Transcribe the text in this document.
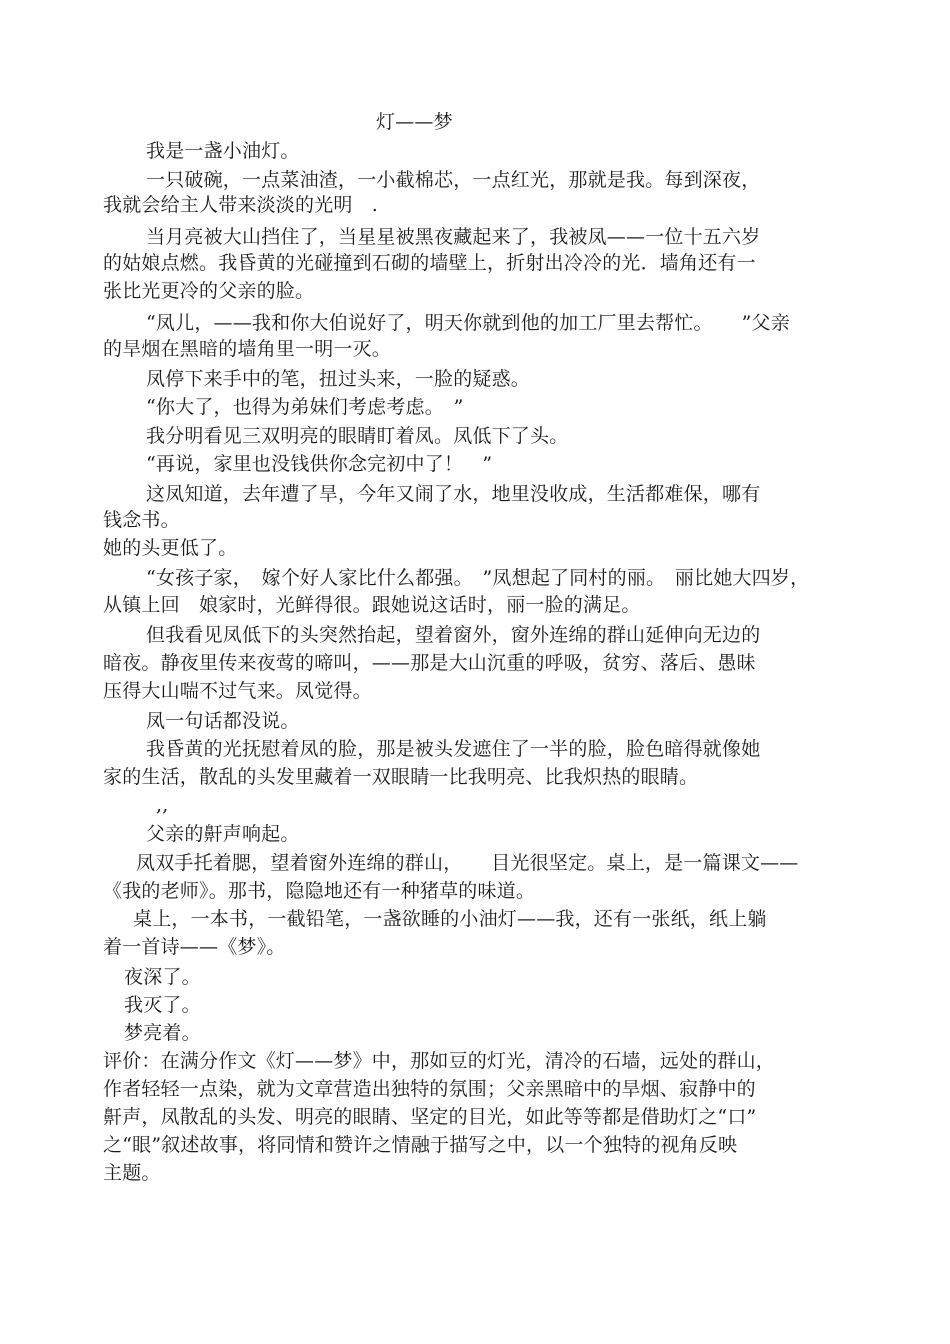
灯——梦
我是一盏小油灯。
一只破碗，一点菜油渣，一小截棉芯，一点红光，那就是我。每到深夜，
我就会给主人带来淡淡的光明　.
当月亮被大山挡住了，当星星被黑夜藏起来了，我被凤——一位十五六岁
的姑娘点燃。我昏黄的光碰撞到石砌的墙壁上，折射出冷冷的光．墙角还有一
张比光更冷的父亲的脸。
“凤儿，——我和你大伯说好了，明天你就到他的加工厂里去帮忙。　　”父亲
的旱烟在黑暗的墙角里一明一灭。
凤停下来手中的笔，扭过头来，一脸的疑惑。
“你大了，也得为弟妹们考虑考虑。　”
我分明看见三双明亮的眼睛盯着凤。凤低下了头。
“再说，家里也没钱供你念完初中了！　”
这凤知道，去年遭了旱，今年又闹了水，地里没收成，生活都难保，哪有
钱念书。
她的头更低了。
“女孩子家，　嫁个好人家比什么都强。　”凤想起了同村的丽。　丽比她大四岁，
从镇上回　娘家时，光鲜得很。跟她说这话时，丽一脸的满足。
但我看见凤低下的头突然抬起，望着窗外，窗外连绵的群山延伸向无边的
暗夜。静夜里传来夜莺的啼叫，——那是大山沉重的呼吸，贫穷、落后、愚昧
压得大山喘不过气来。凤觉得。
凤一句话都没说。
我昏黄的光抚慰着凤的脸，那是被头发遮住了一半的脸，脸色暗得就像她
家的生活，散乱的头发里藏着一双眼睛一比我明亮、比我炽热的眼睛。
,,
父亲的鼾声响起。
凤双手托着腮，望着窗外连绵的群山，　　目光很坚定。桌上，是一篇课文——
《我的老师》。那书，隐隐地还有一种猪草的味道。
桌上，一本书，一截铅笔，一盏欲睡的小油灯——我，还有一张纸，纸上躺
着一首诗——《梦》。
夜深了。
我灭了。
梦亮着。
评价：在满分作文《灯——梦》中，那如豆的灯光，清冷的石墙，远处的群山，
作者轻轻一点染，就为文章营造出独特的氛围；父亲黑暗中的旱烟、寂静中的
鼾声，凤散乱的头发、明亮的眼睛、坚定的目光，如此等等都是借助灯之“口”
之“眼”叙述故事，将同情和赞许之情融于描写之中，以一个独特的视角反映
主题。
